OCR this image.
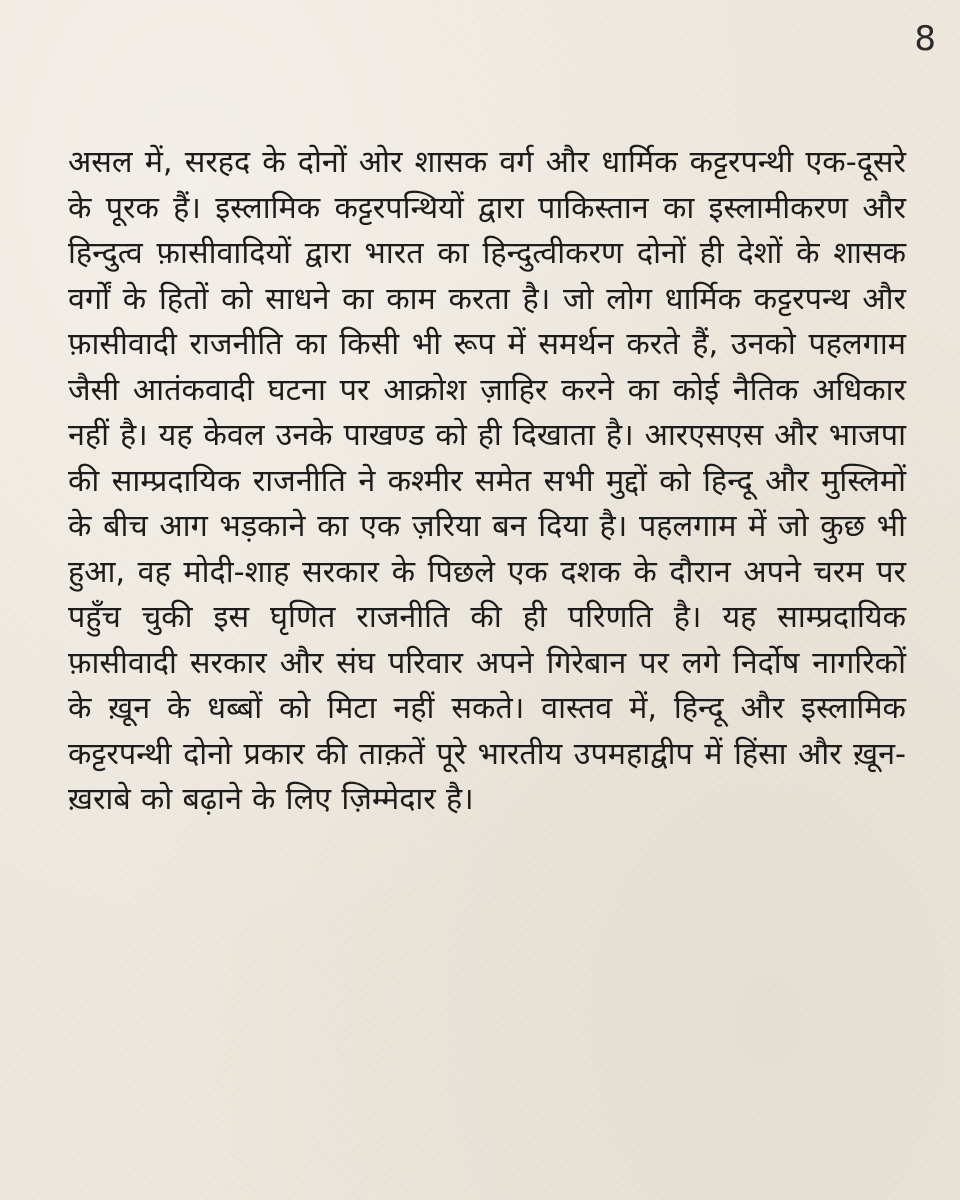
8

असल में, सरहद के दोनों ओर शासक वर्ग और धार्मिक कट्टरपन्थी एक-दूसरे के पूरक हैं। इस्लामिक कट्टरपन्थियों द्वारा पाकिस्तान का इस्लामीकरण और हिन्दुत्व फ़ासीवादियों द्वारा भारत का हिन्दुत्वीकरण दोनों ही देशों के शासक वर्गों के हितों को साधने का काम करता है। जो लोग धार्मिक कट्टरपन्थ और फ़ासीवादी राजनीति का किसी भी रूप में समर्थन करते हैं, उनको पहलगाम जैसी आतंकवादी घटना पर आक्रोश ज़ाहिर करने का कोई नैतिक अधिकार नहीं है। यह केवल उनके पाखण्ड को ही दिखाता है। आरएसएस और भाजपा की साम्प्रदायिक राजनीति ने कश्मीर समेत सभी मुद्दों को हिन्दू और मुस्लिमों के बीच आग भड़काने का एक ज़रिया बन दिया है। पहलगाम में जो कुछ भी हुआ, वह मोदी-शाह सरकार के पिछले एक दशक के दौरान अपने चरम पर पहुँच चुकी इस घृणित राजनीति की ही परिणति है। यह साम्प्रदायिक फ़ासीवादी सरकार और संघ परिवार अपने गिरेबान पर लगे निर्दोष नागरिकों के ख़ून के धब्बों को मिटा नहीं सकते। वास्तव में, हिन्दू और इस्लामिक कट्टरपन्थी दोनो प्रकार की ताक़तें पूरे भारतीय उपमहाद्वीप में हिंसा और ख़ून-ख़राबे को बढ़ाने के लिए ज़िम्मेदार है।
